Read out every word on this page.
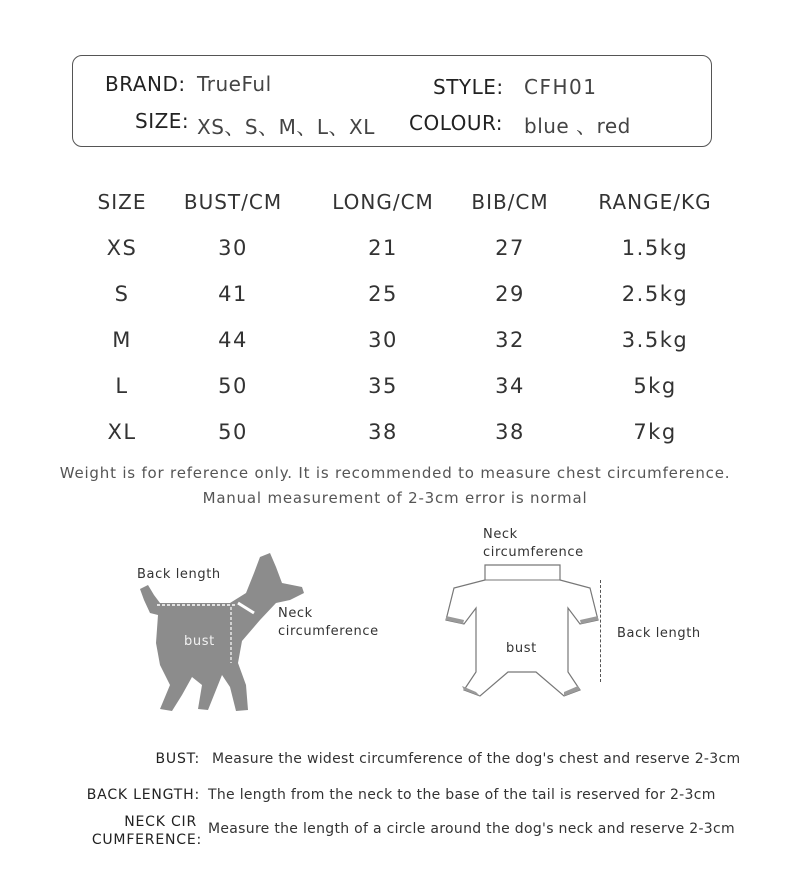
BRAND: TrueFul	STYLE: CFH01
SIZE: XS、S、M、L、XL COLOUR: blue 、red
SIZE	BUST/CM	LONG/CM	BIB/CM	RANGE/KG
XS	30	21	27	1.5kg
S	41	25	29	2.5kg
M	44	30	32	3.5kg
L	50	35	34	5kg
XL	50	38	38	7kg
Weight is for reference only. It is recommended to measure chest circumference.
Manual measurement of 2-3cm error is normal
Back length
Neck
circumference
bust
Neck
circumference
Back length
bust
BUST: Measure the widest circumference of the dog's chest and reserve 2-3cm
BACK LENGTH: The length from the neck to the base of the tail is reserved for 2-3cm
NECK CIR
CUMFERENCE:
Measure the length of a circle around the dog's neck and reserve 2-3cm
